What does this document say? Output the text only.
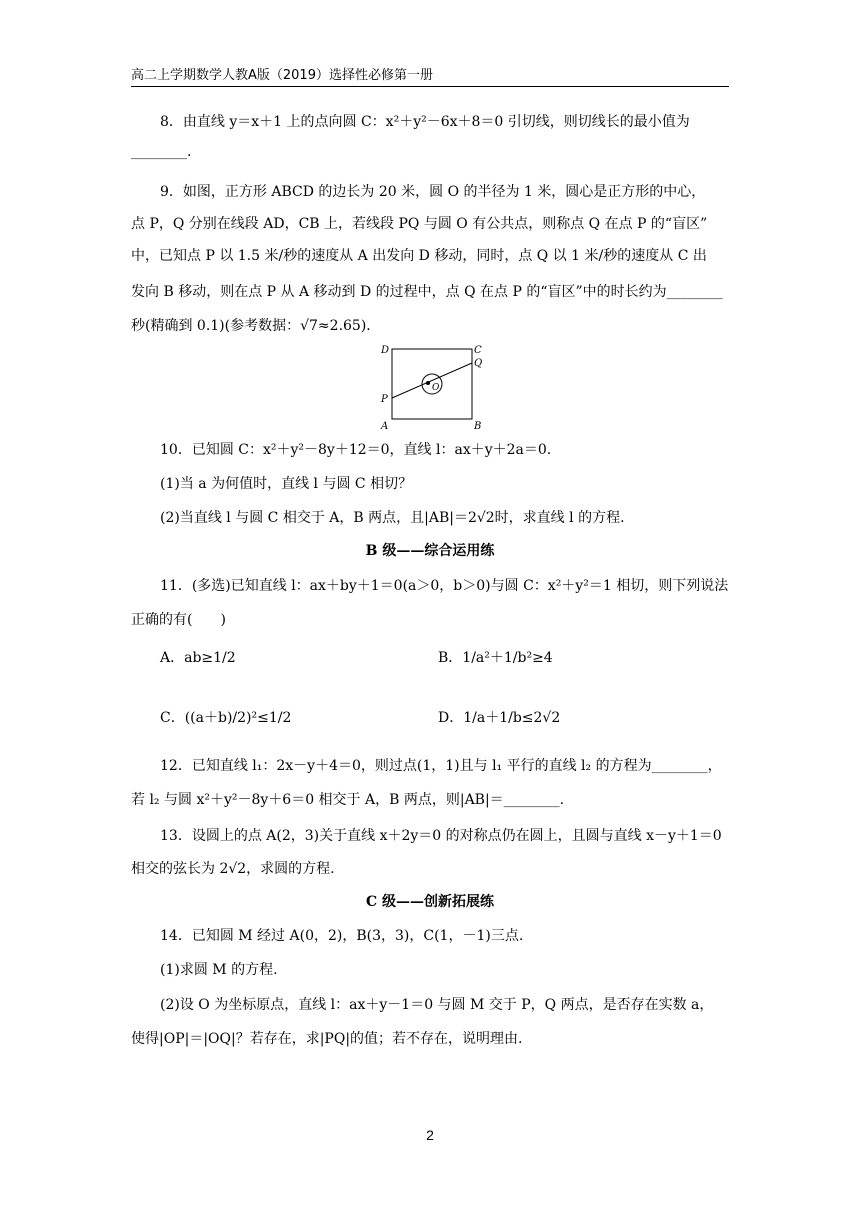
高二上学期数学人教A版（2019）选择性必修第一册
8．由直线 y＝x＋1 上的点向圆 C：x²＋y²－6x＋8＝0 引切线，则切线长的最小值为
________.
9．如图，正方形 ABCD 的边长为 20 米，圆 O 的半径为 1 米，圆心是正方形的中心，
点 P，Q 分别在线段 AD，CB 上，若线段 PQ 与圆 O 有公共点，则称点 Q 在点 P 的“盲区”
中，已知点 P 以 1.5 米/秒的速度从 A 出发向 D 移动，同时，点 Q 以 1 米/秒的速度从 C 出
发向 B 移动，则在点 P 从 A 移动到 D 的过程中，点 Q 在点 P 的“盲区”中的时长约为________
秒(精确到 0.1)(参考数据：√7≈2.65)．
D	C
Q
P
A	B
O
10．已知圆 C：x²＋y²－8y＋12＝0，直线 l：ax＋y＋2a＝0.
(1)当 a 为何值时，直线 l 与圆 C 相切？
(2)当直线 l 与圆 C 相交于 A，B 两点，且|AB|＝2√2时，求直线 l 的方程.
B 级——综合运用练
11．(多选)已知直线 l：ax＋by＋1＝0(a＞0，b＞0)与圆 C：x²＋y²＝1 相切，则下列说法
正确的有(　　)
A．ab≥1/2	B．1/a²＋1/b²≥4
C．((a＋b)/2)²≤1/2	D．1/a＋1/b≤2√2
12．已知直线 l₁：2x－y＋4＝0，则过点(1，1)且与 l₁ 平行的直线 l₂ 的方程为________，
若 l₂ 与圆 x²＋y²－8y＋6＝0 相交于 A，B 两点，则|AB|＝________.
13．设圆上的点 A(2，3)关于直线 x＋2y＝0 的对称点仍在圆上，且圆与直线 x－y＋1＝0
相交的弦长为 2√2，求圆的方程.
C 级——创新拓展练
14．已知圆 M 经过 A(0，2)，B(3，3)，C(1，－1)三点.
(1)求圆 M 的方程.
(2)设 O 为坐标原点，直线 l：ax＋y－1＝0 与圆 M 交于 P，Q 两点，是否存在实数 a，
使得|OP|＝|OQ|？若存在，求|PQ|的值；若不存在，说明理由.
2
